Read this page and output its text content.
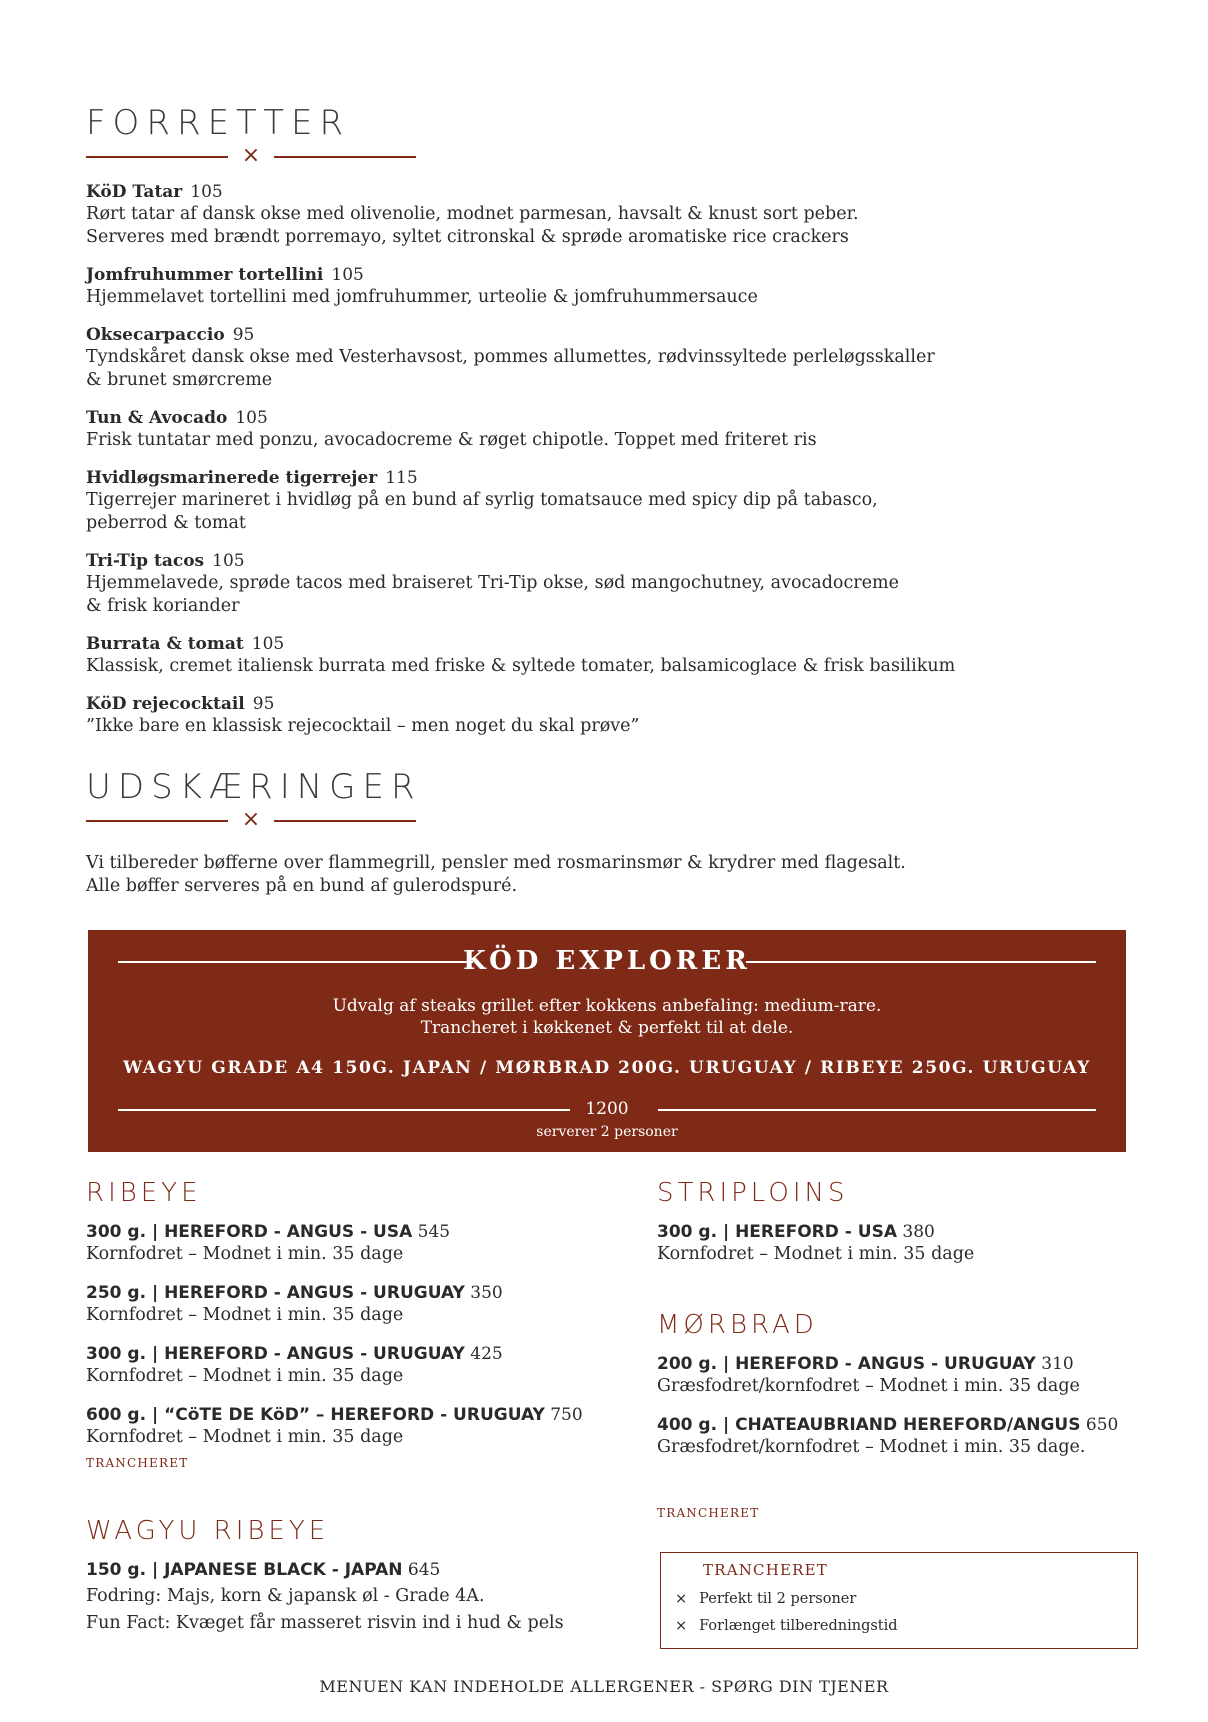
FORRETTER
×
KöD Tatar 105
Rørt tatar af dansk okse med olivenolie, modnet parmesan, havsalt & knust sort peber.
Serveres med brændt porremayo, syltet citronskal & sprøde aromatiske rice crackers
Jomfruhummer tortellini 105
Hjemmelavet tortellini med jomfruhummer, urteolie & jomfruhummersauce
Oksecarpaccio 95
Tyndskåret dansk okse med Vesterhavsost, pommes allumettes, rødvinssyltede perleløgsskaller
& brunet smørcreme
Tun & Avocado 105
Frisk tuntatar med ponzu, avocadocreme & røget chipotle. Toppet med friteret ris
Hvidløgsmarinerede tigerrejer 115
Tigerrejer marineret i hvidløg på en bund af syrlig tomatsauce med spicy dip på tabasco,
peberrod & tomat
Tri-Tip tacos 105
Hjemmelavede, sprøde tacos med braiseret Tri-Tip okse, sød mangochutney, avocadocreme
& frisk koriander
Burrata & tomat 105
Klassisk, cremet italiensk burrata med friske & syltede tomater, balsamicoglace & frisk basilikum
KöD rejecocktail 95
”Ikke bare en klassisk rejecocktail – men noget du skal prøve”
UDSKÆRINGER
×
Vi tilbereder bøfferne over flammegrill, pensler med rosmarinsmør & krydrer med flagesalt.
Alle bøffer serveres på en bund af gulerodspuré.
KÖD EXPLORER
Udvalg af steaks grillet efter kokkens anbefaling: medium-rare.
Trancheret i køkkenet & perfekt til at dele.
WAGYU GRADE A4 150G. JAPAN / MØRBRAD 200G. URUGUAY / RIBEYE 250G. URUGUAY
1200
serverer 2 personer
RIBEYE
300 g. | HEREFORD - ANGUS - USA 545
Kornfodret – Modnet i min. 35 dage
250 g. | HEREFORD - ANGUS - URUGUAY 350
Kornfodret – Modnet i min. 35 dage
300 g. | HEREFORD - ANGUS - URUGUAY 425
Kornfodret – Modnet i min. 35 dage
600 g. | “CöTE DE KöD” – HEREFORD - URUGUAY 750
Kornfodret – Modnet i min. 35 dage
TRANCHERET
WAGYU RIBEYE
150 g. | JAPANESE BLACK - JAPAN 645
Fodring: Majs, korn & japansk øl - Grade 4A.
Fun Fact: Kvæget får masseret risvin ind i hud & pels
STRIPLOINS
300 g. | HEREFORD - USA 380
Kornfodret – Modnet i min. 35 dage
MØRBRAD
200 g. | HEREFORD - ANGUS - URUGUAY 310
Græsfodret/kornfodret – Modnet i min. 35 dage
400 g. | CHATEAUBRIAND HEREFORD/ANGUS 650
Græsfodret/kornfodret – Modnet i min. 35 dage.
TRANCHERET
TRANCHERET
× Perfekt til 2 personer
× Forlænget tilberedningstid
MENUEN KAN INDEHOLDE ALLERGENER - SPØRG DIN TJENER
